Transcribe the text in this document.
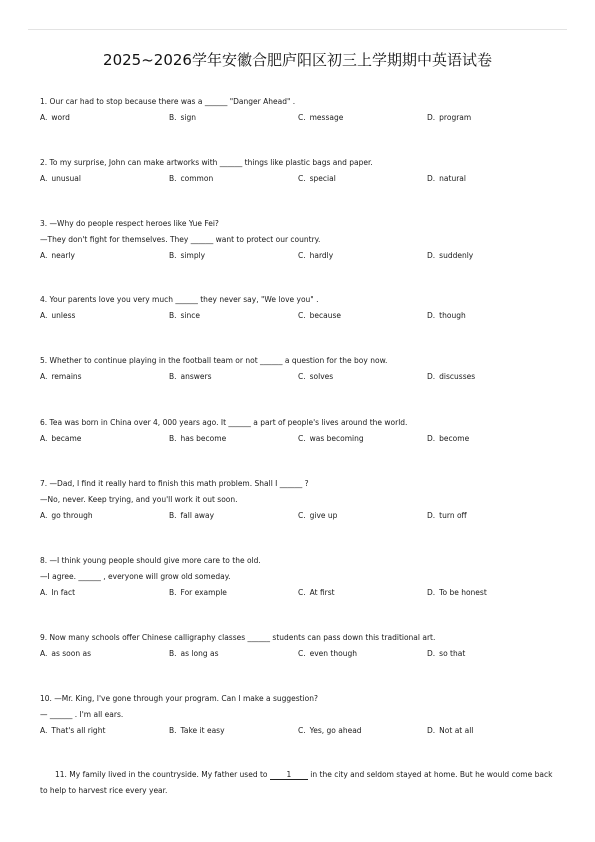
2025~2026学年安徽合肥庐阳区初三上学期期中英语试卷
1. Our car had to stop because there was a ______ "Danger Ahead" .
A. word	B. sign	C. message	D. program
2. To my surprise, John can make artworks with ______ things like plastic bags and paper.
A. unusual	B. common	C. special	D. natural
3. —Why do people respect heroes like Yue Fei?
—They don't fight for themselves. They ______ want to protect our country.
A. nearly	B. simply	C. hardly	D. suddenly
4. Your parents love you very much ______ they never say, "We love you" .
A. unless	B. since	C. because	D. though
5. Whether to continue playing in the football team or not ______ a question for the boy now.
A. remains	B. answers	C. solves	D. discusses
6. Tea was born in China over 4, 000 years ago. It ______ a part of people's lives around the world.
A. became	B. has become	C. was becoming	D. become
7. —Dad, I find it really hard to finish this math problem. Shall I ______ ?
—No, never. Keep trying, and you'll work it out soon.
A. go through	B. fall away	C. give up	D. turn off
8. —I think young people should give more care to the old.
—I agree. ______ , everyone will grow old someday.
A. In fact	B. For example	C. At first	D. To be honest
9. Now many schools offer Chinese calligraphy classes ______ students can pass down this traditional art.
A. as soon as	B. as long as	C. even though	D. so that
10. —Mr. King, I've gone through your program. Can I make a suggestion?
— ______ . I'm all ears.
A. That's all right	B. Take it easy	C. Yes, go ahead	D. Not at all
11. My family lived in the countryside. My father used to	1	in the city and seldom stayed at home. But he would come back
to help to harvest rice every year.
